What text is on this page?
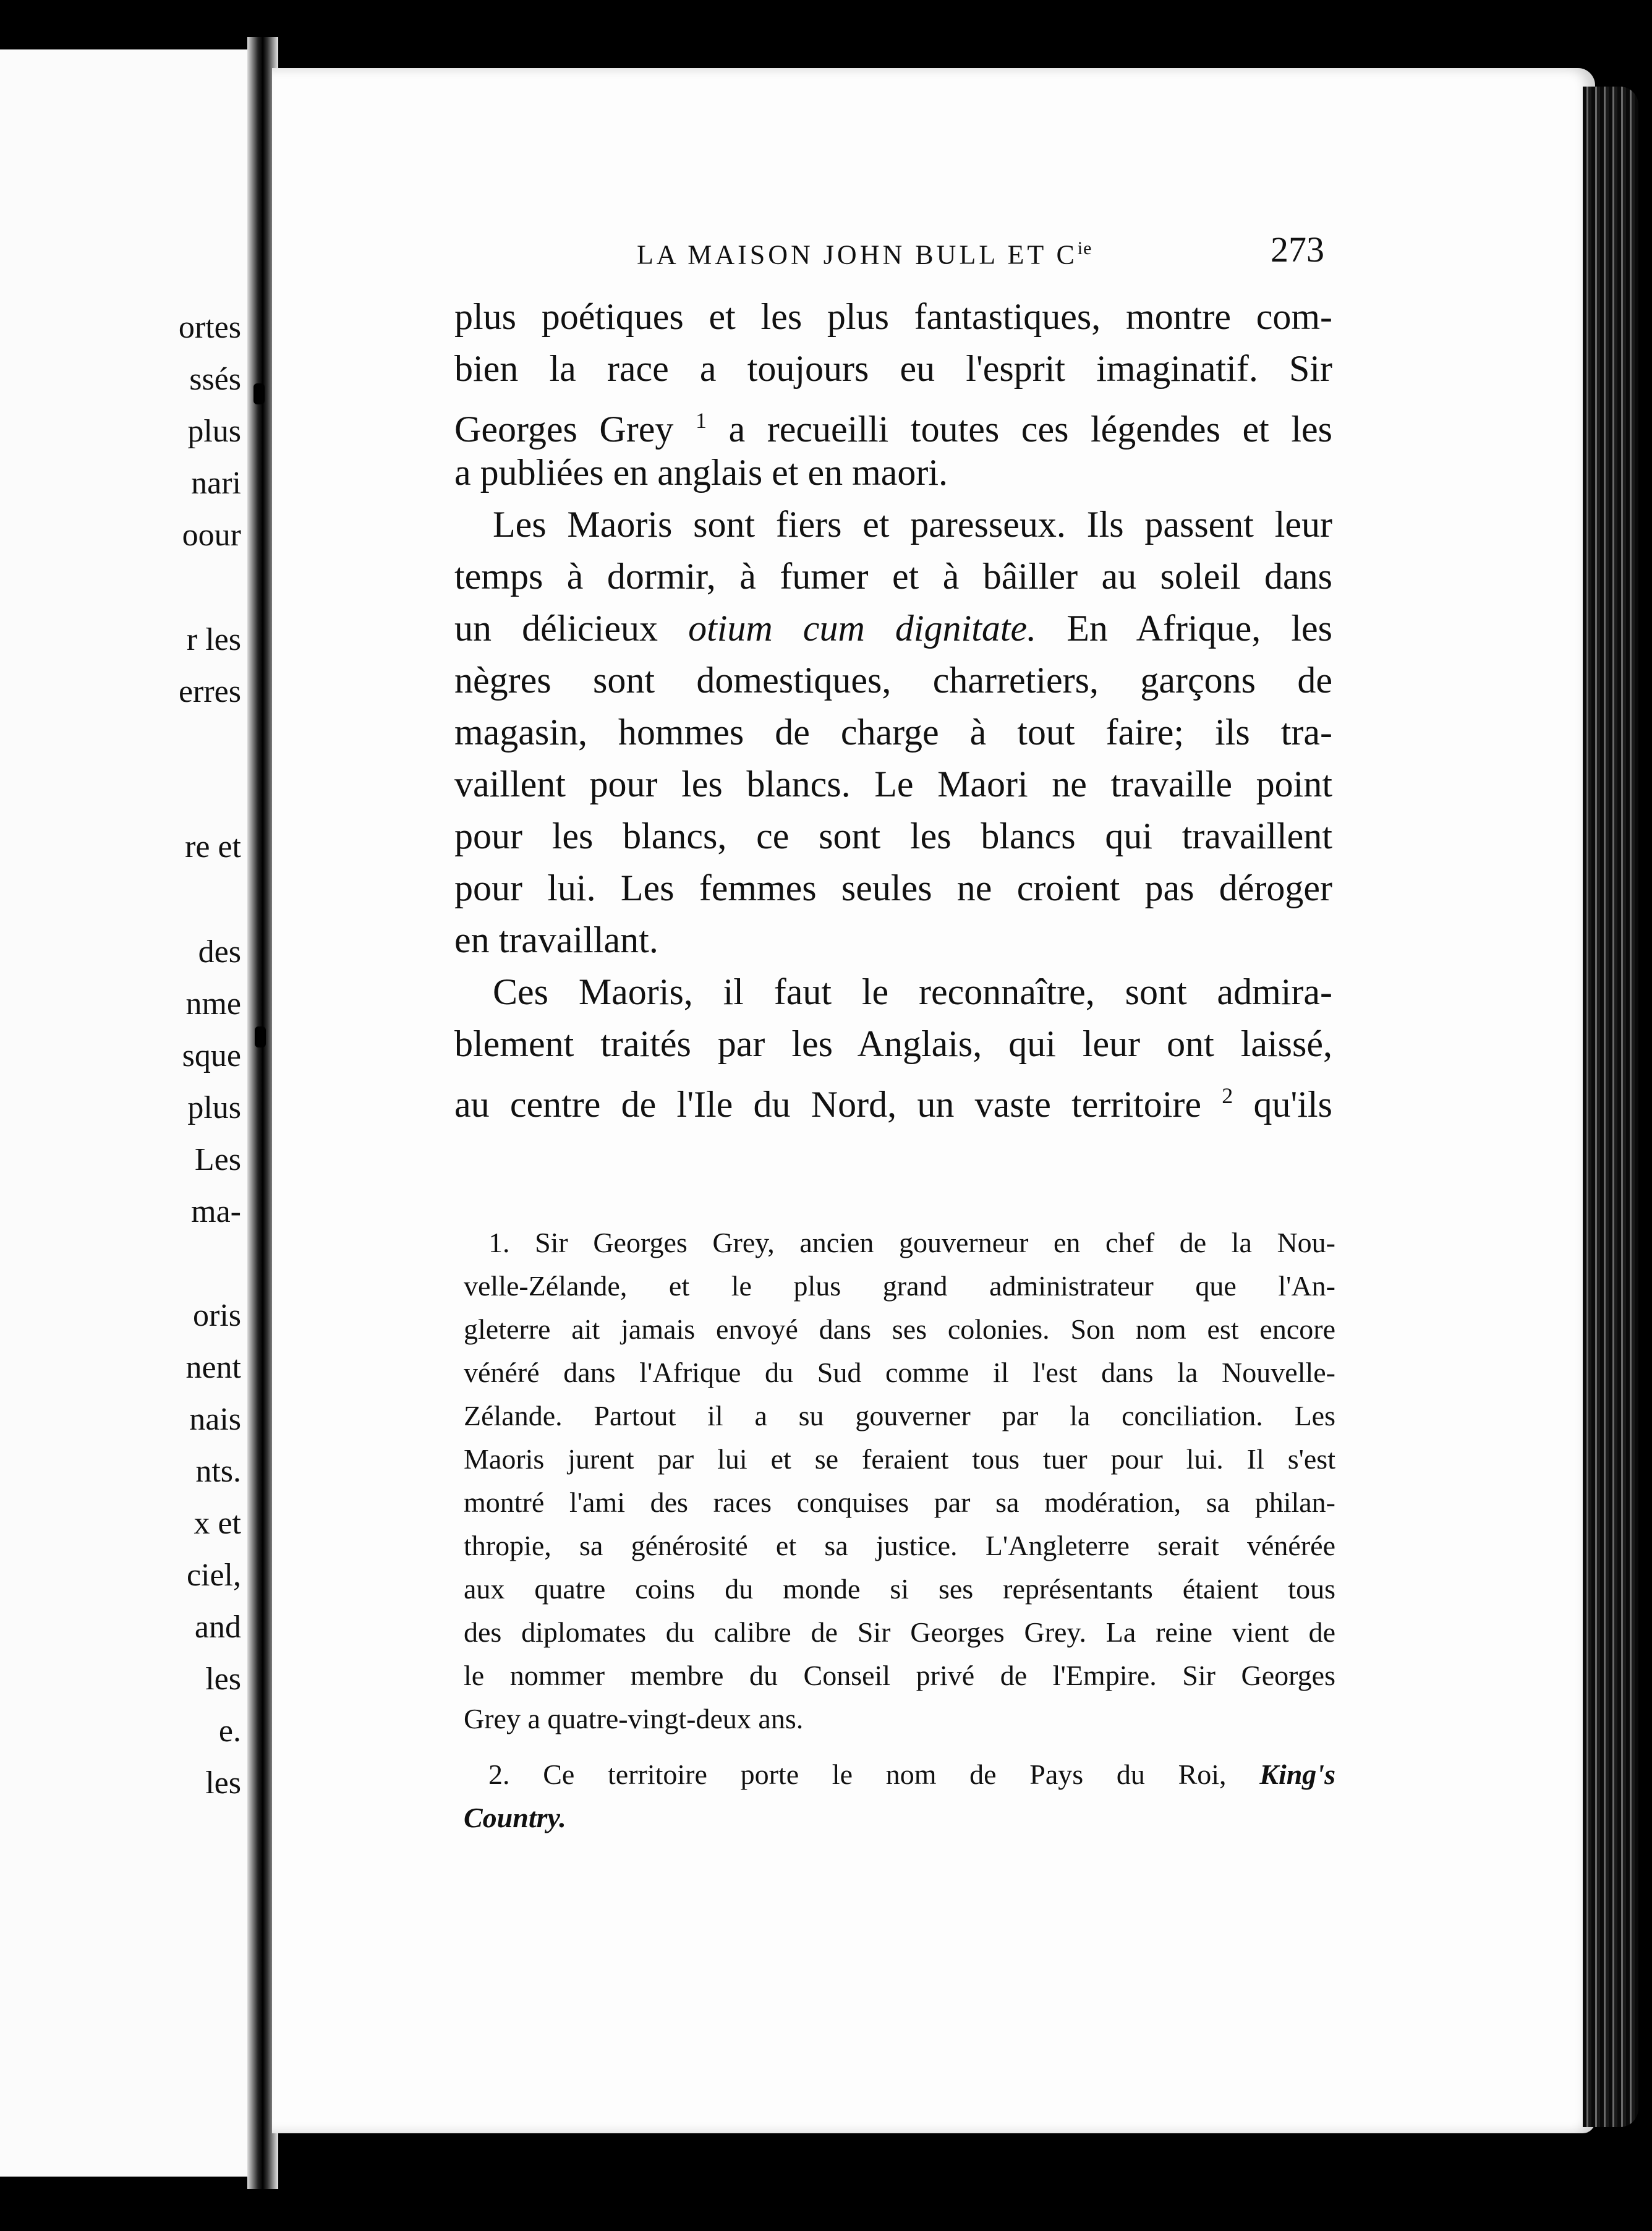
ortes
ssés
plus
nari
oour
r les
erres
re et
des
nme
sque
plus
Les
ma-
oris
nent
nais
nts.
x et
ciel,
and
les
e.
les
LA MAISON JOHN BULL ET $C^{ie}$	273
plus poétiques et les plus fantastiques, montre com-
bien la race a toujours eu l'esprit imaginatif. Sir
Georges Grey $^1$ a recueilli toutes ces légendes et les
a publiées en anglais et en maori.
Les Maoris sont fiers et paresseux. Ils passent leur
temps à dormir, à fumer et à bâiller au soleil dans
un délicieux otium cum dignitate. En Afrique, les
nègres sont domestiques, charretiers, garçons de
magasin, hommes de charge à tout faire; ils tra-
vaillent pour les blancs. Le Maori ne travaille point
pour les blancs, ce sont les blancs qui travaillent
pour lui. Les femmes seules ne croient pas déroger
en travaillant.
Ces Maoris, il faut le reconnaître, sont admira-
blement traités par les Anglais, qui leur ont laissé,
au centre de l'Ile du Nord, un vaste territoire $^2$ qu'ils
1. Sir Georges Grey, ancien gouverneur en chef de la Nou-
velle-Zélande, et le plus grand administrateur que l'An-
gleterre ait jamais envoyé dans ses colonies. Son nom est encore
vénéré dans l'Afrique du Sud comme il l'est dans la Nouvelle-
Zélande. Partout il a su gouverner par la conciliation. Les
Maoris jurent par lui et se feraient tous tuer pour lui. Il s'est
montré l'ami des races conquises par sa modération, sa philan-
thropie, sa générosité et sa justice. L'Angleterre serait vénérée
aux quatre coins du monde si ses représentants étaient tous
des diplomates du calibre de Sir Georges Grey. La reine vient de
le nommer membre du Conseil privé de l'Empire. Sir Georges
Grey a quatre-vingt-deux ans.
2. Ce territoire porte le nom de Pays du Roi, King's
Country.
